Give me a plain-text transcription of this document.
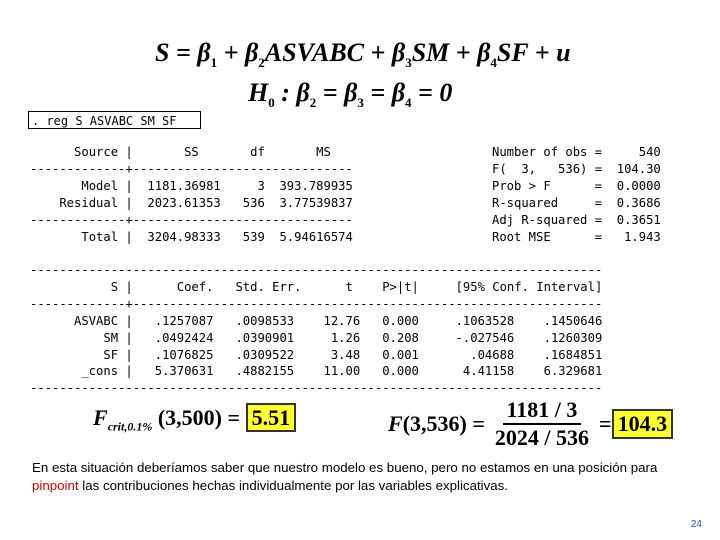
$S = \beta_1$ + $\beta_2ASVABC + \beta_3SM + \beta_4SF + u$
$H_0$ : $\beta_2 = \beta_3 = \beta_4 = 0$
. reg S ASVABC SM SF
Source |       SS       df       MS
-------------+------------------------------
Model |  1181.36981     3  393.789935
Residual |  2023.61353   536  3.77539837
-------------+------------------------------
Total |  3204.98333   539  5.94616574
Number of obs =     540
F(  3,   536) =  104.30
Prob > F      =  0.0000
R-squared     =  0.3686
Adj R-squared =  0.3651
Root MSE      =   1.943
------------------------------------------------------------------------------
S |      Coef.   Std. Err.      t    P>|t|     [95% Conf. Interval]
-------------+----------------------------------------------------------------
ASVABC |   .1257087   .0098533    12.76   0.000     .1063528    .1450646
SM |   .0492424   .0390901     1.26   0.208     -.027546    .1260309
SF |   .1076825   .0309522     3.48   0.001       .04688    .1684851
_cons |   5.370631   .4882155    11.00   0.000      4.41158    6.329681
------------------------------------------------------------------------------
$F_{crit,0.1\%}$ (3,500) = 5.51	F $(3,536) = \frac{1181 / 3}{2024 / 536} = 104.3$
En esta situación deberíamos saber que nuestro modelo es bueno, pero no estamos en una posición para pinpoint las contribuciones hechas individualmente por las variables explicativas.
24
